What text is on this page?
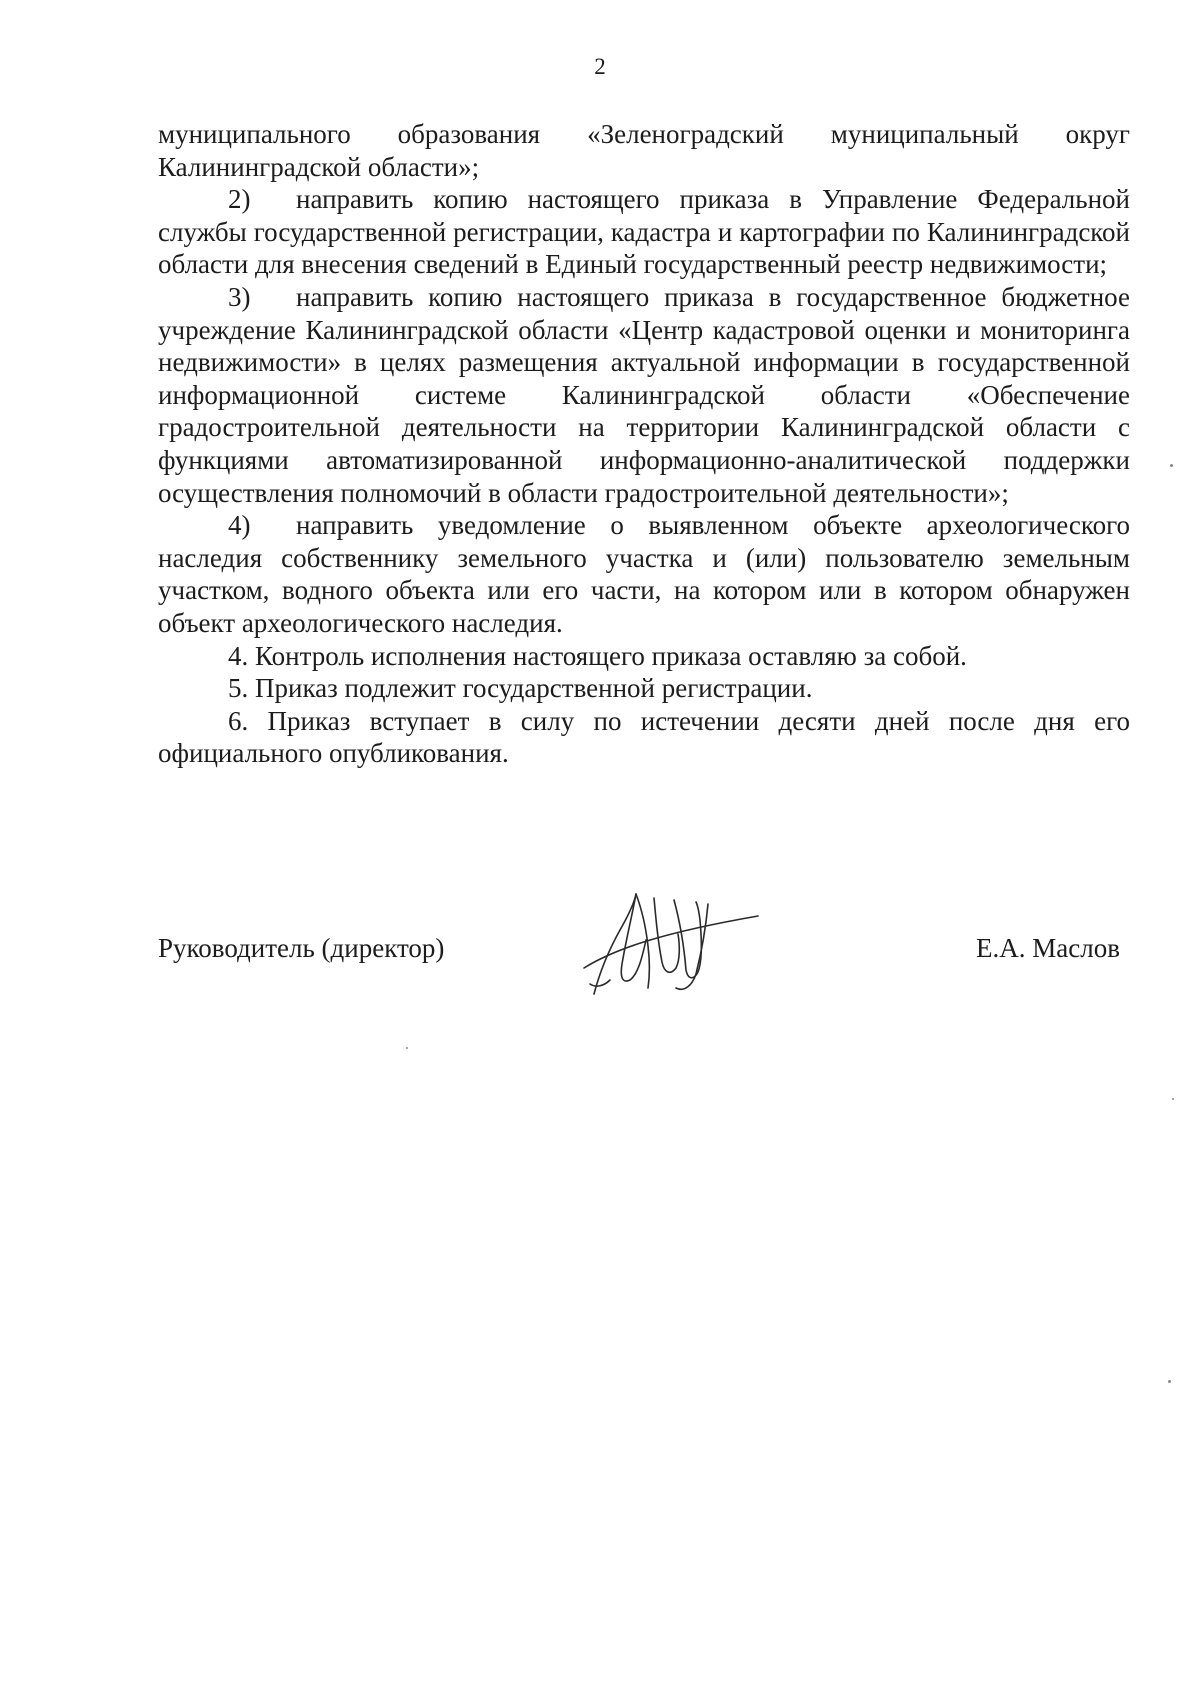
2

муниципального образования «Зеленоградский муниципальный округ Калининградской области»;

2) направить копию настоящего приказа в Управление Федеральной службы государственной регистрации, кадастра и картографии по Калининградской области для внесения сведений в Единый государственный реестр недвижимости;

3) направить копию настоящего приказа в государственное бюджетное учреждение Калининградской области «Центр кадастровой оценки и мониторинга недвижимости» в целях размещения актуальной информации в государственной информационной системе Калининградской области «Обеспечение градостроительной деятельности на территории Калининградской области с функциями автоматизированной информационно-аналитической поддержки осуществления полномочий в области градостроительной деятельности»;

4) направить уведомление о выявленном объекте археологического наследия собственнику земельного участка и (или) пользователю земельным участком, водного объекта или его части, на котором или в котором обнаружен объект археологического наследия.

4. Контроль исполнения настоящего приказа оставляю за собой.

5. Приказ подлежит государственной регистрации.

6. Приказ вступает в силу по истечении десяти дней после дня его официального опубликования.

Руководитель (директор)	Е.А. Маслов
